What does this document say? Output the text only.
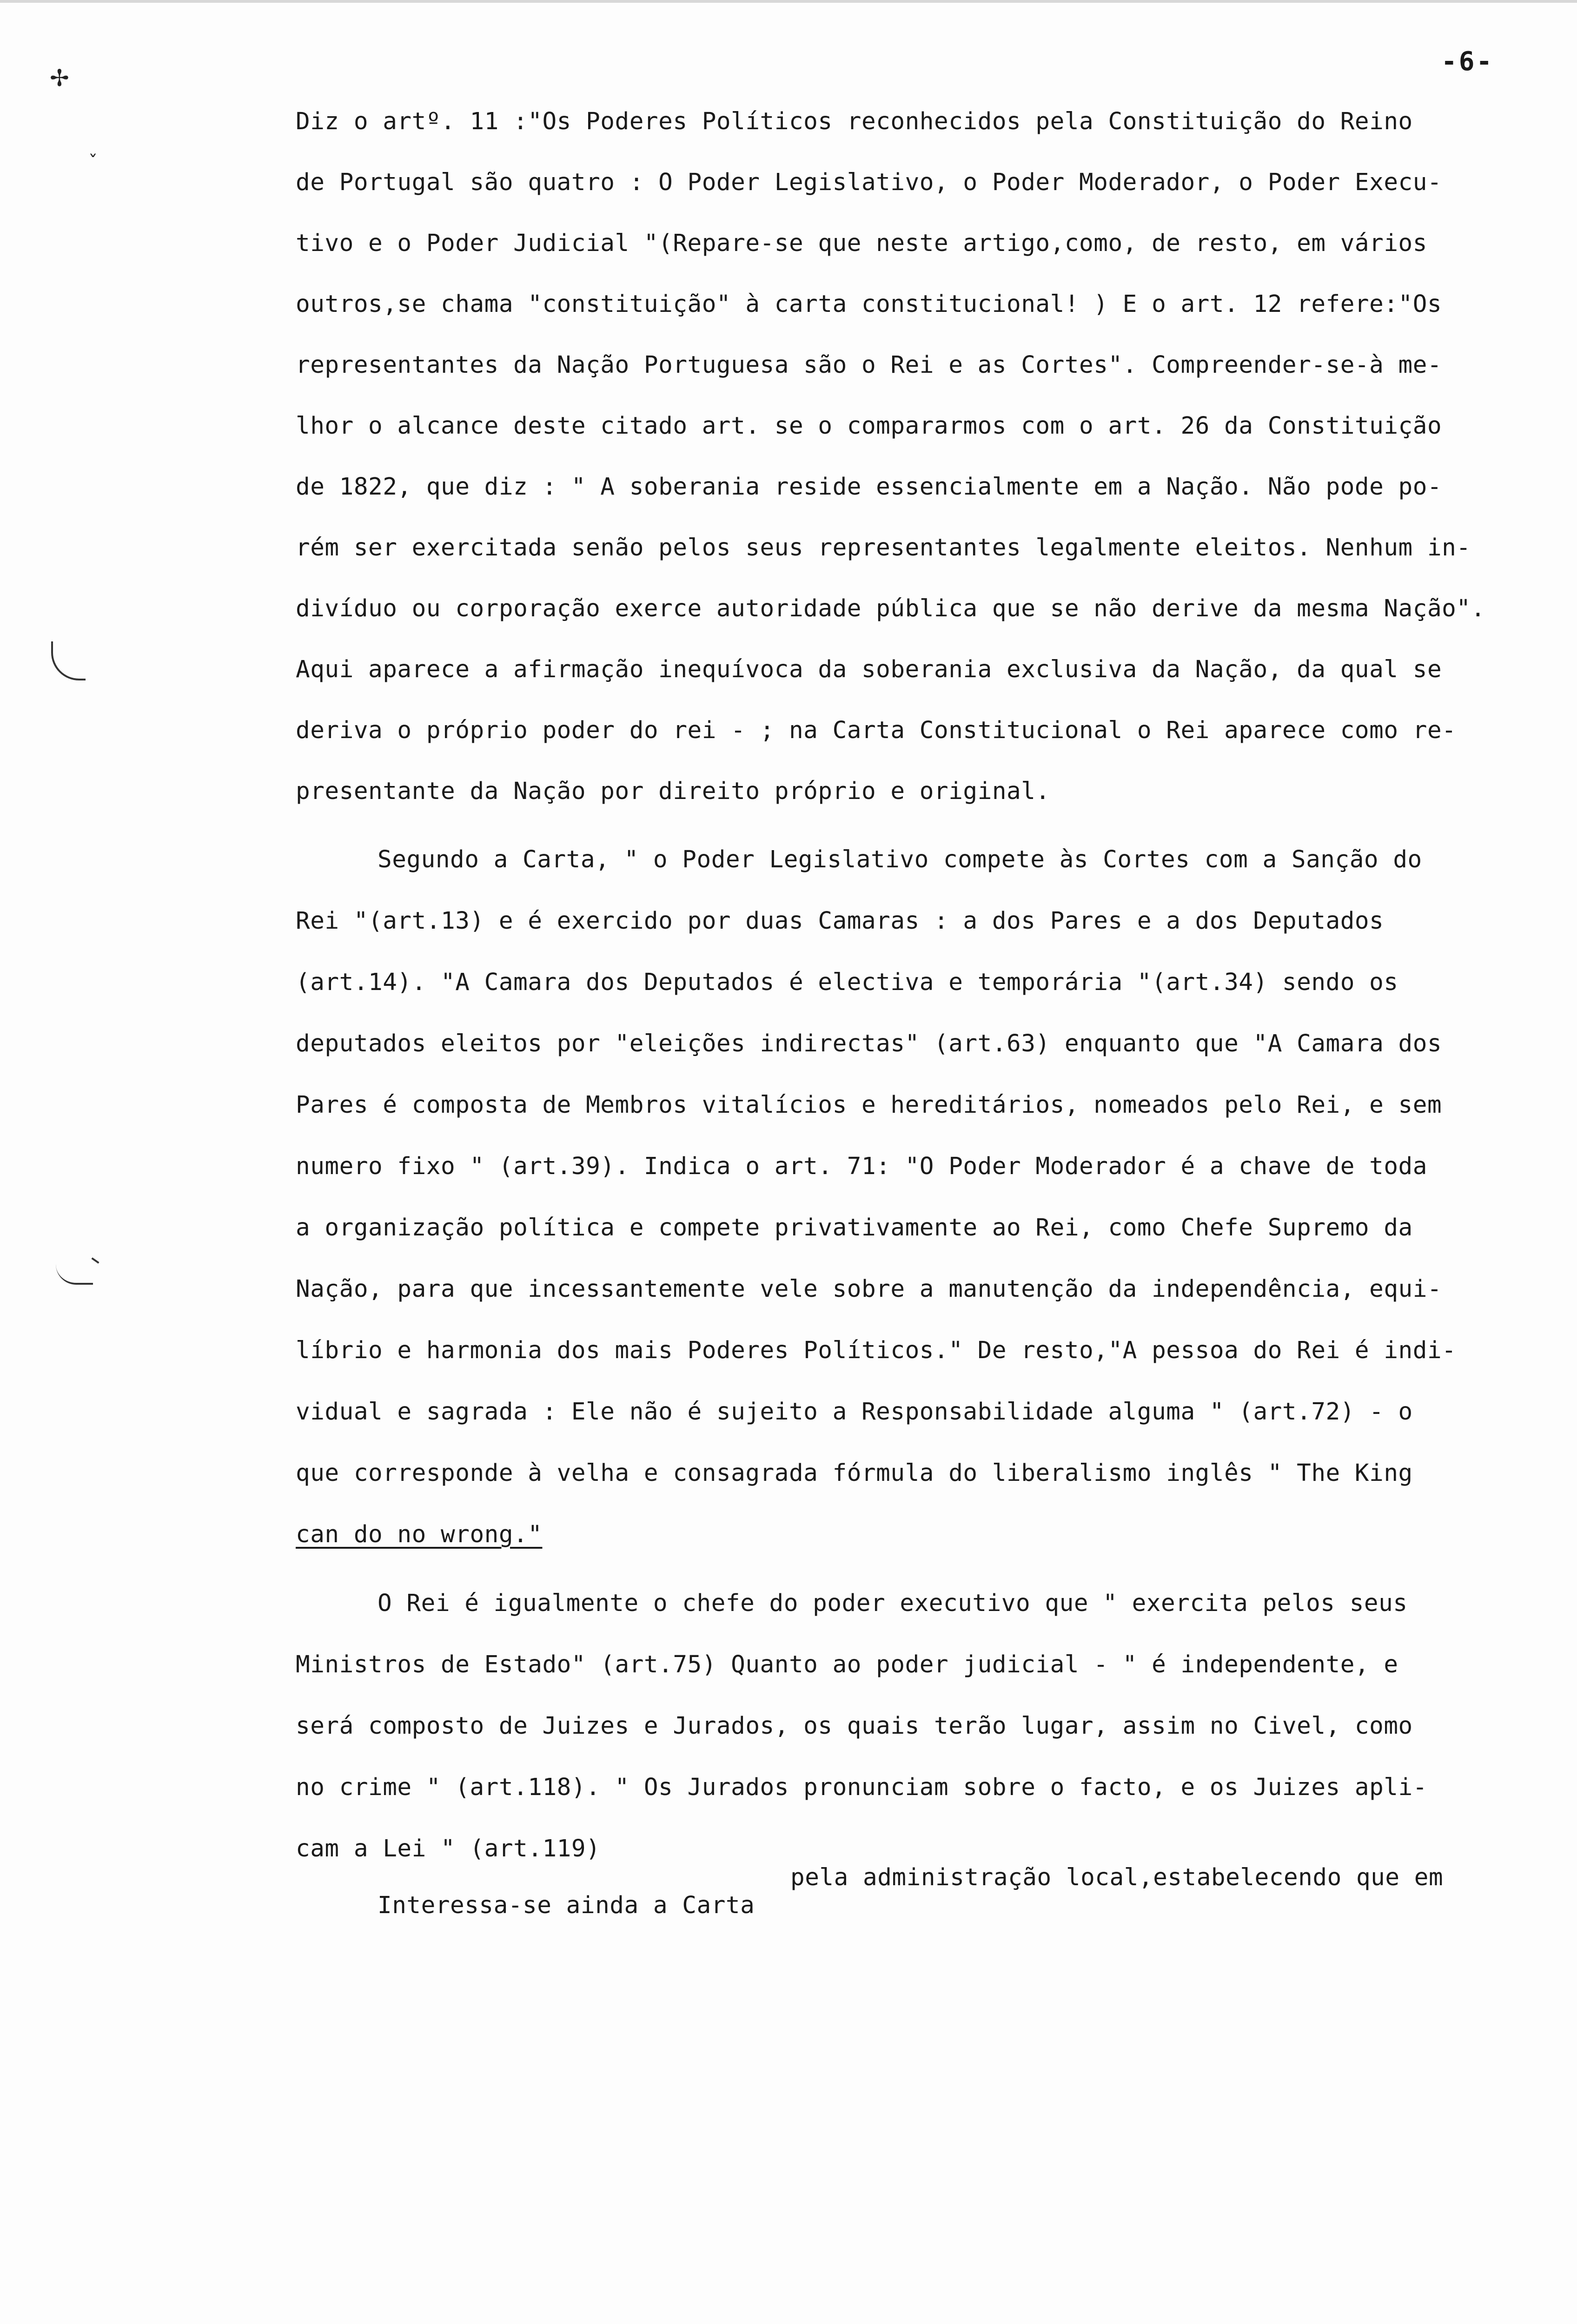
-6-
✢
ˇ
Diz o artº. 11 :"Os Poderes Políticos reconhecidos pela Constituição do Reino
de Portugal são quatro : O Poder Legislativo, o Poder Moderador, o Poder Execu-
tivo e o Poder Judicial "(Repare-se que neste artigo,como, de resto, em vários
outros,se chama "constituição" à carta constitucional! ) E o art. 12 refere:"Os
representantes da Nação Portuguesa são o Rei e as Cortes". Compreender-se-à me-
lhor o alcance deste citado art. se o compararmos com o art. 26 da Constituição
de 1822, que diz : " A soberania reside essencialmente em a Nação. Não pode po-
rém ser exercitada senão pelos seus representantes legalmente eleitos. Nenhum in-
divíduo ou corporação exerce autoridade pública que se não derive da mesma Nação".
Aqui aparece a afirmação inequívoca da soberania exclusiva da Nação, da qual se
deriva o próprio poder do rei - ; na Carta Constitucional o Rei aparece como re-
presentante da Nação por direito próprio e original.
Segundo a Carta, " o Poder Legislativo compete às Cortes com a Sanção do
Rei "(art.13) e é exercido por duas Camaras : a dos Pares e a dos Deputados
(art.14). "A Camara dos Deputados é electiva e temporária "(art.34) sendo os
deputados eleitos por "eleições indirectas" (art.63) enquanto que "A Camara dos
Pares é composta de Membros vitalícios e hereditários, nomeados pelo Rei, e sem
numero fixo " (art.39). Indica o art. 71: "O Poder Moderador é a chave de toda
a organização política e compete privativamente ao Rei, como Chefe Supremo da
Nação, para que incessantemente vele sobre a manutenção da independência, equi-
líbrio e harmonia dos mais Poderes Políticos." De resto,"A pessoa do Rei é indi-
vidual e sagrada : Ele não é sujeito a Responsabilidade alguma " (art.72) - o
que corresponde à velha e consagrada fórmula do liberalismo inglês " The King
can do no wrong."
O Rei é igualmente o chefe do poder executivo que " exercita pelos seus
Ministros de Estado" (art.75) Quanto ao poder judicial - " é independente, e
será composto de Juizes e Jurados, os quais terão lugar, assim no Civel, como
no crime " (art.118). " Os Jurados pronunciam sobre o facto, e os Juizes apli-
cam a Lei " (art.119)
pela administração local,estabelecendo que em
Interessa-se ainda a Carta
